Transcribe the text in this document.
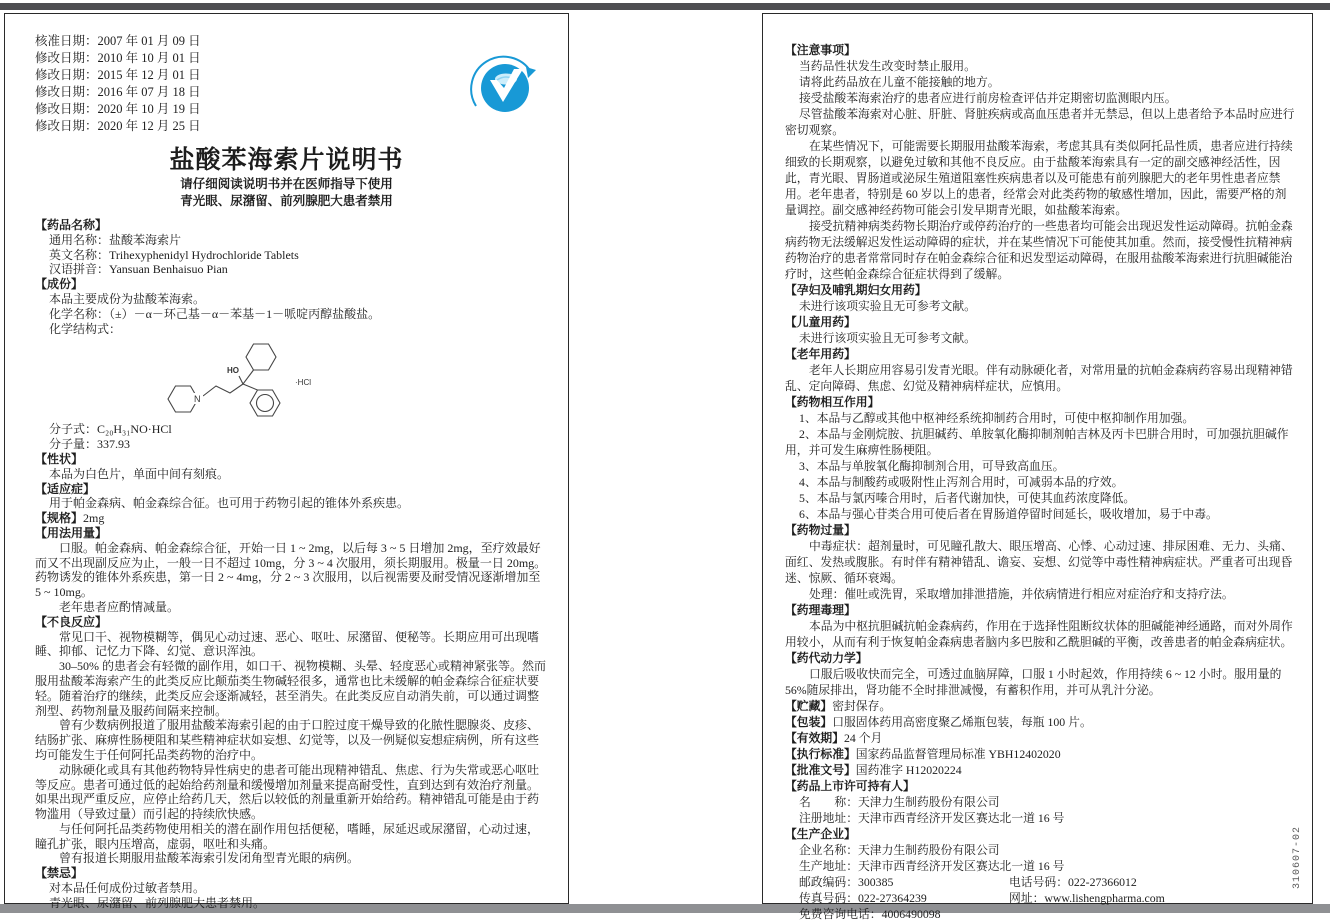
核准日期：2007 年 01 月 09 日
修改日期：2010 年 10 月 01 日
修改日期：2015 年 12 月 01 日
修改日期：2016 年 07 月 18 日
修改日期：2020 年 10 月 19 日
修改日期：2020 年 12 月 25 日
盐酸苯海索片说明书
请仔细阅读说明书并在医师指导下使用
青光眼、尿潴留、前列腺肥大患者禁用
【药品名称】
通用名称：盐酸苯海索片
英文名称：Trihexyphenidyl Hydrochloride Tablets
汉语拼音：Yansuan Benhaisuo Pian
【成份】
本品主要成份为盐酸苯海索。
化学名称：（±）－α－环己基－α－苯基－1－哌啶丙醇盐酸盐。
化学结构式：
N
HO
·HCl
分子式：C₂₀H₃₁NO·HCl
分子量：337.93
【性状】
本品为白色片，单面中间有刻痕。
【适应症】
用于帕金森病、帕金森综合征。也可用于药物引起的锥体外系疾患。
【规格】2mg
【用法用量】
口服。帕金森病、帕金森综合征，开始一日 1 ~ 2mg，以后每 3 ~ 5 日增加 2mg，至疗效最好而又不出现副反应为止，一般一日不超过 10mg，分 3 ~ 4 次服用，须长期服用。极量一日 20mg。药物诱发的锥体外系疾患，第一日 2 ~ 4mg，分 2 ~ 3 次服用，以后视需要及耐受情况逐渐增加至 5 ~ 10mg。
老年患者应酌情减量。
【不良反应】
常见口干、视物模糊等，偶见心动过速、恶心、呕吐、尿潴留、便秘等。长期应用可出现嗜睡、抑郁、记忆力下降、幻觉、意识浑浊。
30–50% 的患者会有轻微的副作用，如口干、视物模糊、头晕、轻度恶心或精神紧张等。然而服用盐酸苯海索产生的此类反应比颠茄类生物碱轻很多，通常也比未缓解的帕金森综合征症状要轻。随着治疗的继续，此类反应会逐渐减轻，甚至消失。在此类反应自动消失前，可以通过调整剂型、药物剂量及服药间隔来控制。
曾有少数病例报道了服用盐酸苯海索引起的由于口腔过度干燥导致的化脓性腮腺炎、皮疹、结肠扩张、麻痹性肠梗阻和某些精神症状如妄想、幻觉等，以及一例疑似妄想症病例，所有这些均可能发生于任何阿托品类药物的治疗中。
动脉硬化或具有其他药物特异性病史的患者可能出现精神错乱、焦虑、行为失常或恶心呕吐等反应。患者可通过低的起始给药剂量和缓慢增加剂量来提高耐受性，直到达到有效治疗剂量。如果出现严重反应，应停止给药几天，然后以较低的剂量重新开始给药。精神错乱可能是由于药物滥用（导致过量）而引起的持续欣快感。
与任何阿托品类药物使用相关的潜在副作用包括便秘，嗜睡，尿延迟或尿潴留，心动过速，瞳孔扩张，眼内压增高，虚弱，呕吐和头痛。
曾有报道长期服用盐酸苯海索引发闭角型青光眼的病例。
【禁忌】
对本品任何成份过敏者禁用。
青光眼、尿潴留、前列腺肥大患者禁用。
【注意事项】
当药品性状发生改变时禁止服用。
请将此药品放在儿童不能接触的地方。
接受盐酸苯海索治疗的患者应进行前房检查评估并定期密切监测眼内压。
尽管盐酸苯海索对心脏、肝脏、肾脏疾病或高血压患者并无禁忌，但以上患者给予本品时应进行密切观察。
在某些情况下，可能需要长期服用盐酸苯海索，考虑其具有类似阿托品性质，患者应进行持续细致的长期观察，以避免过敏和其他不良反应。由于盐酸苯海索具有一定的副交感神经活性，因此，青光眼、胃肠道或泌尿生殖道阻塞性疾病患者以及可能患有前列腺肥大的老年男性患者应禁用。老年患者，特别是 60 岁以上的患者，经常会对此类药物的敏感性增加，因此，需要严格的剂量调控。副交感神经药物可能会引发早期青光眼，如盐酸苯海索。
接受抗精神病类药物长期治疗或停药治疗的一些患者均可能会出现迟发性运动障碍。抗帕金森病药物无法缓解迟发性运动障碍的症状，并在某些情况下可能使其加重。然而，接受慢性抗精神病药物治疗的患者常常同时存在帕金森综合征和迟发型运动障碍，在服用盐酸苯海索进行抗胆碱能治疗时，这些帕金森综合征症状得到了缓解。
【孕妇及哺乳期妇女用药】
未进行该项实验且无可参考文献。
【儿童用药】
未进行该项实验且无可参考文献。
【老年用药】
老年人长期应用容易引发青光眼。伴有动脉硬化者，对常用量的抗帕金森病药容易出现精神错乱、定向障碍、焦虑、幻觉及精神病样症状，应慎用。
【药物相互作用】
1、本品与乙醇或其他中枢神经系统抑制药合用时，可使中枢抑制作用加强。
2、本品与金刚烷胺、抗胆碱药、单胺氧化酶抑制剂帕吉林及丙卡巴肼合用时，可加强抗胆碱作用，并可发生麻痹性肠梗阻。
3、本品与单胺氧化酶抑制剂合用，可导致高血压。
4、本品与制酸药或吸附性止泻剂合用时，可减弱本品的疗效。
5、本品与氯丙嗪合用时，后者代谢加快，可使其血药浓度降低。
6、本品与强心苷类合用可使后者在胃肠道停留时间延长，吸收增加，易于中毒。
【药物过量】
中毒症状：超剂量时，可见瞳孔散大、眼压增高、心悸、心动过速、排尿困难、无力、头痛、面红、发热或腹胀。有时伴有精神错乱、谵妄、妄想、幻觉等中毒性精神病症状。严重者可出现昏迷、惊厥、循环衰竭。
处理：催吐或洗胃，采取增加排泄措施，并依病情进行相应对症治疗和支持疗法。
【药理毒理】
本品为中枢抗胆碱抗帕金森病药，作用在于选择性阻断纹状体的胆碱能神经通路，而对外周作用较小，从而有利于恢复帕金森病患者脑内多巴胺和乙酰胆碱的平衡，改善患者的帕金森病症状。
【药代动力学】
口服后吸收快而完全，可透过血脑屏障，口服 1 小时起效，作用持续 6 ~ 12 小时。服用量的56%随尿排出，肾功能不全时排泄减慢，有蓄积作用，并可从乳汁分泌。
【贮藏】密封保存。
【包装】口服固体药用高密度聚乙烯瓶包装，每瓶 100 片。
【有效期】24 个月
【执行标准】国家药品监督管理局标准 YBH12402020
【批准文号】国药准字 H12020224
【药品上市许可持有人】
名　　称：天津力生制药股份有限公司
注册地址：天津市西青经济开发区赛达北一道 16 号
【生产企业】
企业名称：天津力生制药股份有限公司
生产地址：天津市西青经济开发区赛达北一道 16 号
邮政编码：300385	电话号码：022-27366012
传真号码：022-27364239	网址：www.lishengpharma.com
免费咨询电话：4006490098
310607-02
